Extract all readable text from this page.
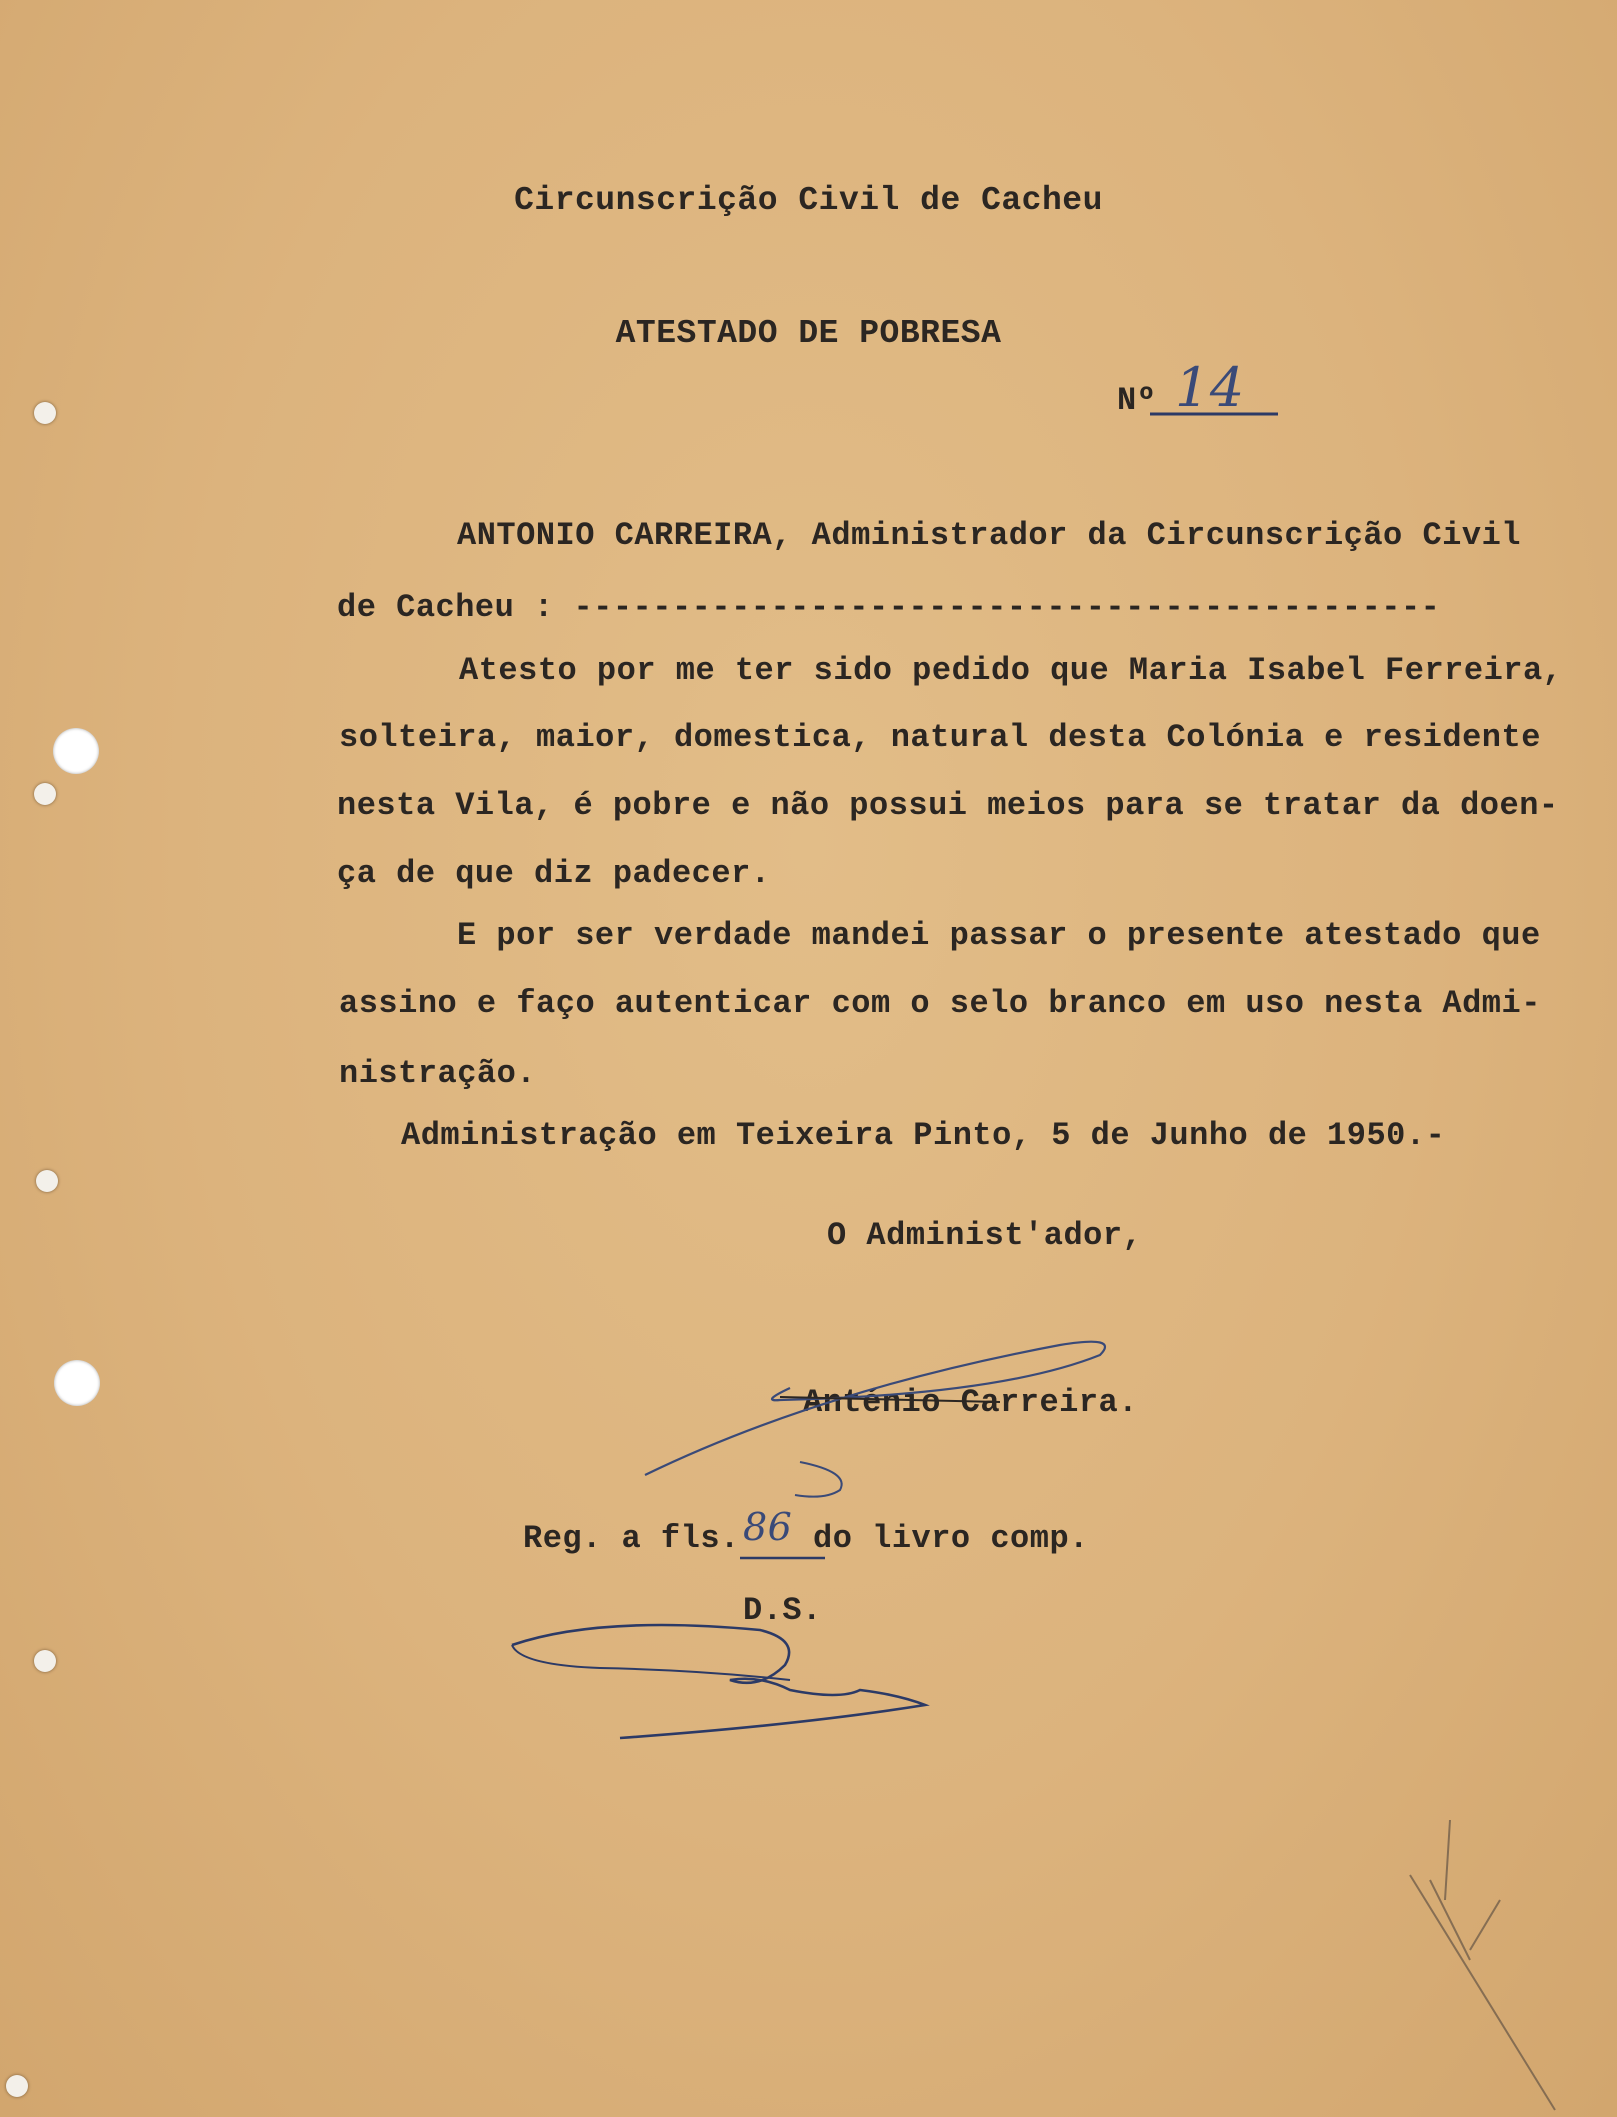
Circunscrição Civil de Cacheu
ATESTADO DE POBRESA
Nº 14
ANTONIO CARREIRA, Administrador da Circunscrição Civil
de Cacheu : --------------------------------------------
Atesto por me ter sido pedido que Maria Isabel Ferreira,
solteira, maior, domestica, natural desta Colónia e residente
nesta Vila, é pobre e não possui meios para se tratar da doen-
ça de que diz padecer.
E por ser verdade mandei passar o presente atestado que
assino e faço autenticar com o selo branco em uso nesta Admi-
nistração.
Administração em Teixeira Pinto, 5 de Junho de 1950.-
O Administ'ador,
Anténio Carreira.
Reg. a fls. 86 do livro comp.
D.S.
